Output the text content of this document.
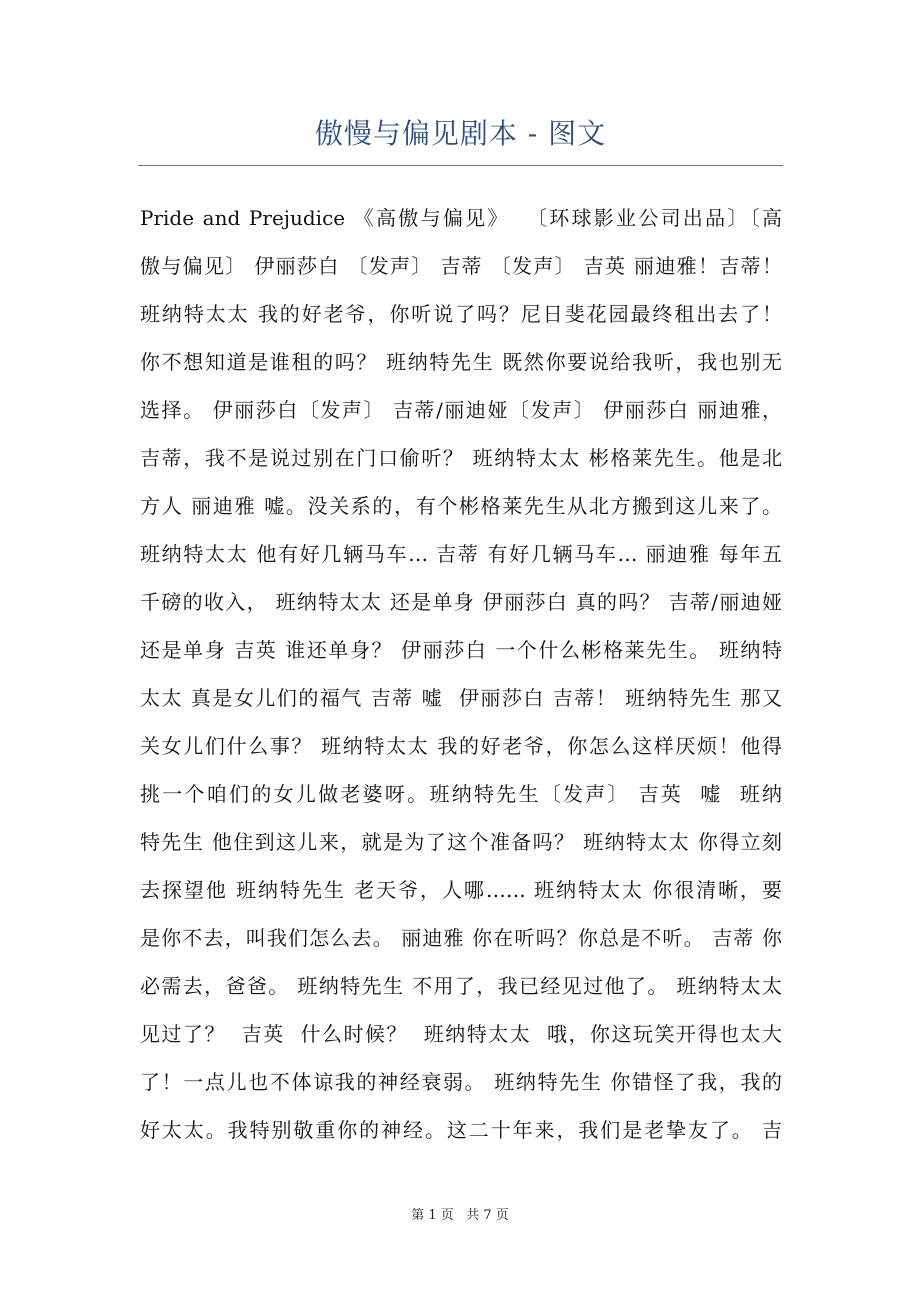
傲慢与偏见剧本 - 图文
Pride and Prejudice 《高傲与偏见》  〔环球影业公司出品〕〔高
傲与偏见〕 伊丽莎白 〔发声〕 吉蒂 〔发声〕 吉英 丽迪雅！吉蒂！
班纳特太太 我的好老爷，你听说了吗？尼日斐花园最终租出去了！
你不想知道是谁租的吗？ 班纳特先生 既然你要说给我听，我也别无
选择。 伊丽莎白〔发声〕 吉蒂/丽迪娅〔发声〕 伊丽莎白 丽迪雅，
吉蒂，我不是说过别在门口偷听？ 班纳特太太 彬格莱先生。他是北
方人 丽迪雅 嘘。没关系的，有个彬格莱先生从北方搬到这儿来了。
班纳特太太 他有好几辆马车… 吉蒂 有好几辆马车… 丽迪雅 每年五
千磅的收入， 班纳特太太 还是单身 伊丽莎白 真的吗？ 吉蒂/丽迪娅
还是单身 吉英 谁还单身？ 伊丽莎白 一个什么彬格莱先生。 班纳特
太太 真是女儿们的福气 吉蒂 嘘  伊丽莎白 吉蒂！ 班纳特先生 那又
关女儿们什么事？ 班纳特太太 我的好老爷，你怎么这样厌烦！他得
挑一个咱们的女儿做老婆呀。班纳特先生〔发声〕 吉英  嘘  班纳
特先生 他住到这儿来，就是为了这个准备吗？ 班纳特太太 你得立刻
去探望他 班纳特先生 老天爷，人哪…… 班纳特太太 你很清晰，要
是你不去，叫我们怎么去。 丽迪雅 你在听吗？你总是不听。 吉蒂 你
必需去，爸爸。 班纳特先生 不用了，我已经见过他了。 班纳特太太
见过了？  吉英  什么时候？  班纳特太太  哦，你这玩笑开得也太大
了！一点儿也不体谅我的神经衰弱。 班纳特先生 你错怪了我，我的
好太太。我特别敬重你的神经。这二十年来，我们是老挚友了。 吉
第 1 页   共 7 页
